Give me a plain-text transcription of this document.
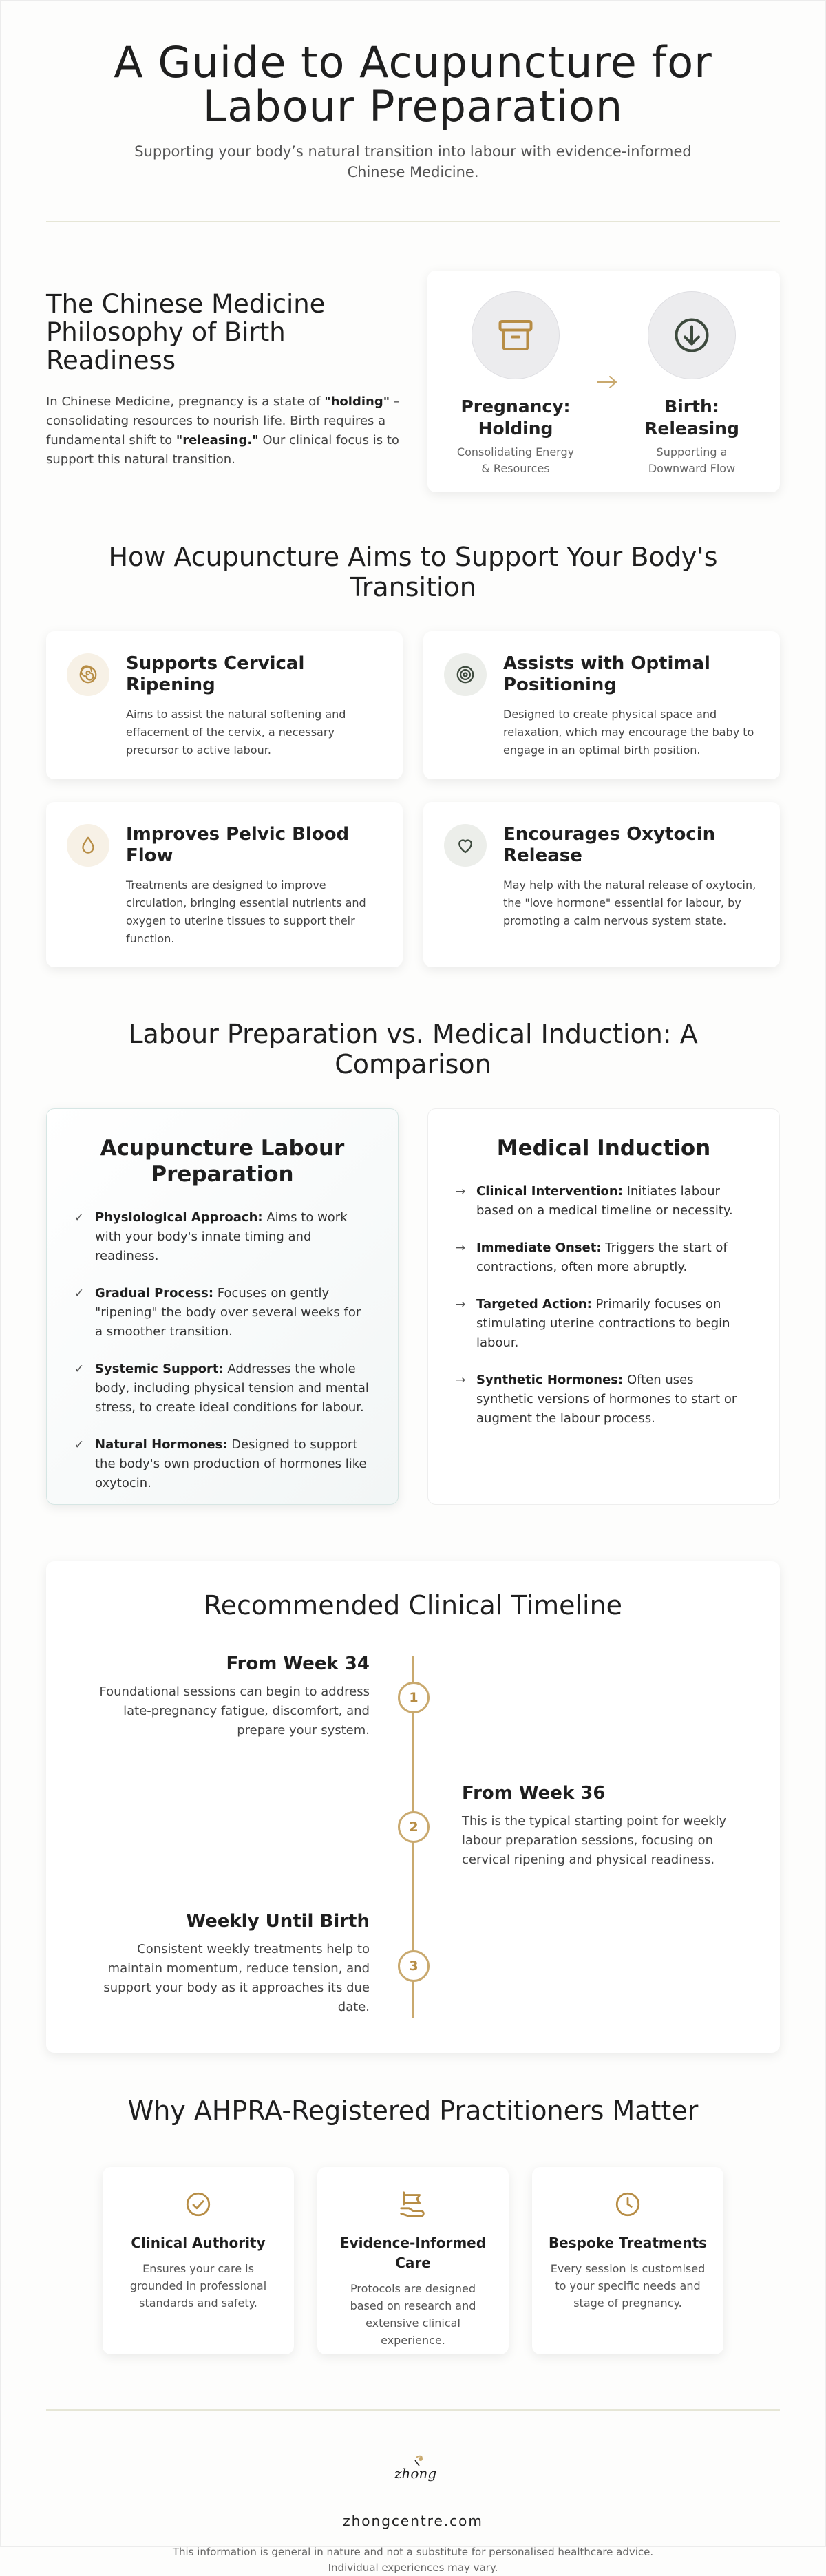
A Guide to Acupuncture for Labour Preparation

Supporting your body’s natural transition into labour with evidence-informed Chinese Medicine.

The Chinese Medicine Philosophy of Birth Readiness

In Chinese Medicine, pregnancy is a state of "holding" – consolidating resources to nourish life. Birth requires a fundamental shift to "releasing." Our clinical focus is to support this natural transition.

Pregnancy: Holding
Consolidating Energy & Resources
Birth: Releasing
Supporting a Downward Flow
How Acupuncture Aims to Support Your Body's Transition
Supports Cervical Ripening

Aims to assist the natural softening and effacement of the cervix, a necessary precursor to active labour.

Assists with Optimal Positioning

Designed to create physical space and relaxation, which may encourage the baby to engage in an optimal birth position.

Improves Pelvic Blood Flow

Treatments are designed to improve circulation, bringing essential nutrients and oxygen to uterine tissues to support their function.

Encourages Oxytocin Release

May help with the natural release of oxytocin, the "love hormone" essential for labour, by promoting a calm nervous system state.

Labour Preparation vs. Medical Induction: A Comparison
Acupuncture Labour Preparation
✓ Physiological Approach: Aims to work with your body's innate timing and readiness.
✓ Gradual Process: Focuses on gently "ripening" the body over several weeks for a smoother transition.
✓ Systemic Support: Addresses the whole body, including physical tension and mental stress, to create ideal conditions for labour.
✓ Natural Hormones: Designed to support the body's own production of hormones like oxytocin.
Medical Induction
→ Clinical Intervention: Initiates labour based on a medical timeline or necessity.
→ Immediate Onset: Triggers the start of contractions, often more abruptly.
→ Targeted Action: Primarily focuses on stimulating uterine contractions to begin labour.
→ Synthetic Hormones: Often uses synthetic versions of hormones to start or augment the labour process.
Recommended Clinical Timeline
From Week 34

Foundational sessions can begin to address late-pregnancy fatigue, discomfort, and prepare your system.

1
From Week 36

This is the typical starting point for weekly labour preparation sessions, focusing on cervical ripening and physical readiness.

2
Weekly Until Birth

Consistent weekly treatments help to maintain momentum, reduce tension, and support your body as it approaches its due date.

3
Why AHPRA-Registered Practitioners Matter
Clinical Authority

Ensures your care is grounded in professional standards and safety.

Evidence-Informed Care

Protocols are designed based on research and extensive clinical experience.

Bespoke Treatments

Every session is customised to your specific needs and stage of pregnancy.

zhong
zhongcentre.com

This information is general in nature and not a substitute for personalised healthcare advice. Individual experiences may vary.
